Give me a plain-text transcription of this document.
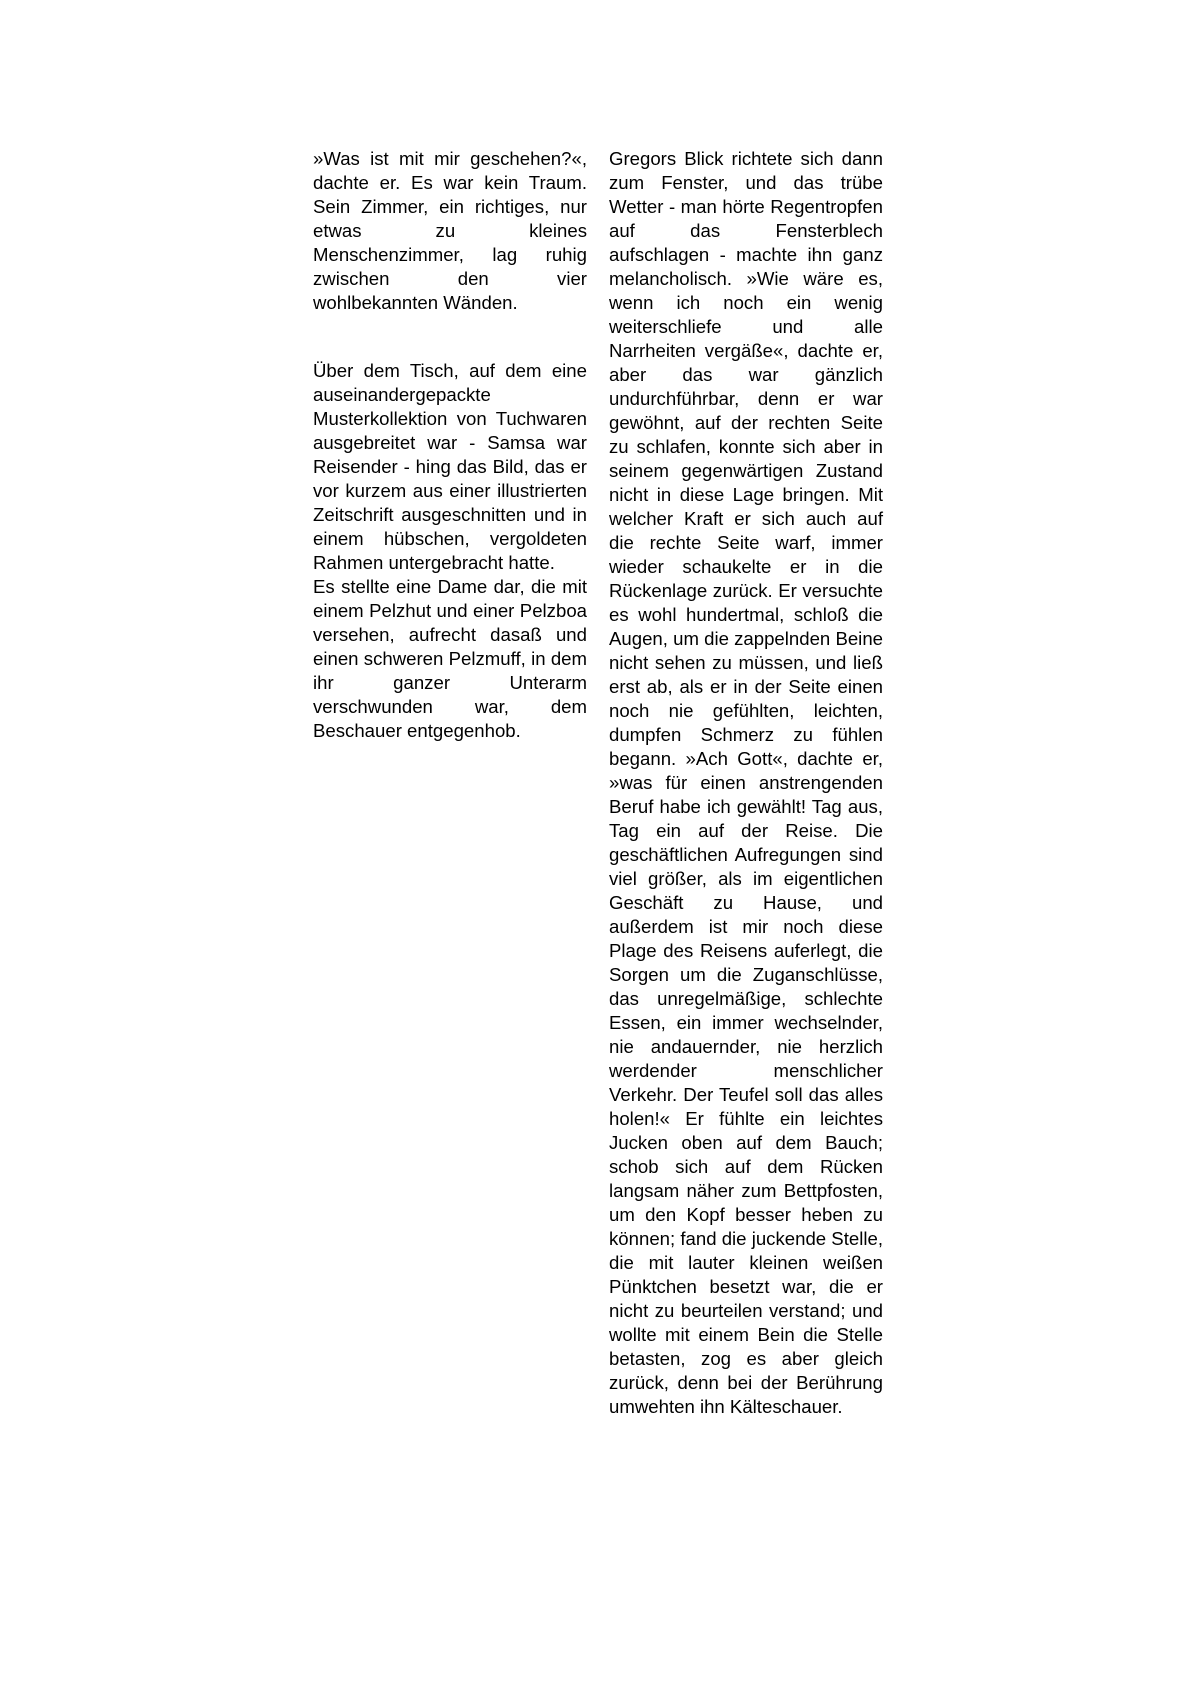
»Was ist mit mir geschehen?«, dachte er. Es war kein Traum. Sein Zimmer, ein richtiges, nur etwas zu kleines Menschenzimmer, lag ruhig zwischen den vier wohlbekannten Wänden.

Über dem Tisch, auf dem eine auseinandergepackte Musterkollektion von Tuchwaren ausgebreitet war - Samsa war Reisender - hing das Bild, das er vor kurzem aus einer illustrierten Zeitschrift ausgeschnitten und in einem hübschen, vergoldeten Rahmen untergebracht hatte.

Es stellte eine Dame dar, die mit einem Pelzhut und einer Pelzboa versehen, aufrecht dasaß und einen schweren Pelzmuff, in dem ihr ganzer Unterarm verschwunden war, dem Beschauer entgegenhob.

Gregors Blick richtete sich dann zum Fenster, und das trübe Wetter - man hörte Regentropfen auf das Fensterblech aufschlagen - machte ihn ganz melancholisch. »Wie wäre es, wenn ich noch ein wenig weiterschliefe und alle Narrheiten vergäße«, dachte er, aber das war gänzlich undurchführbar, denn er war gewöhnt, auf der rechten Seite zu schlafen, konnte sich aber in seinem gegenwärtigen Zustand nicht in diese Lage bringen. Mit welcher Kraft er sich auch auf die rechte Seite warf, immer wieder schaukelte er in die Rückenlage zurück. Er versuchte es wohl hundertmal, schloß die Augen, um die zappelnden Beine nicht sehen zu müssen, und ließ erst ab, als er in der Seite einen noch nie gefühlten, leichten, dumpfen Schmerz zu fühlen begann. »Ach Gott«, dachte er, »was für einen anstrengenden Beruf habe ich gewählt! Tag aus, Tag ein auf der Reise. Die geschäftlichen Aufregungen sind viel größer, als im eigentlichen Geschäft zu Hause, und außerdem ist mir noch diese Plage des Reisens auferlegt, die Sorgen um die Zuganschlüsse, das unregelmäßige, schlechte Essen, ein immer wechselnder, nie andauernder, nie herzlich werdender menschlicher Verkehr. Der Teufel soll das alles holen!« Er fühlte ein leichtes Jucken oben auf dem Bauch; schob sich auf dem Rücken langsam näher zum Bettpfosten, um den Kopf besser heben zu können; fand die juckende Stelle, die mit lauter kleinen weißen Pünktchen besetzt war, die er nicht zu beurteilen verstand; und wollte mit einem Bein die Stelle betasten, zog es aber gleich zurück, denn bei der Berührung umwehten ihn Kälteschauer.
